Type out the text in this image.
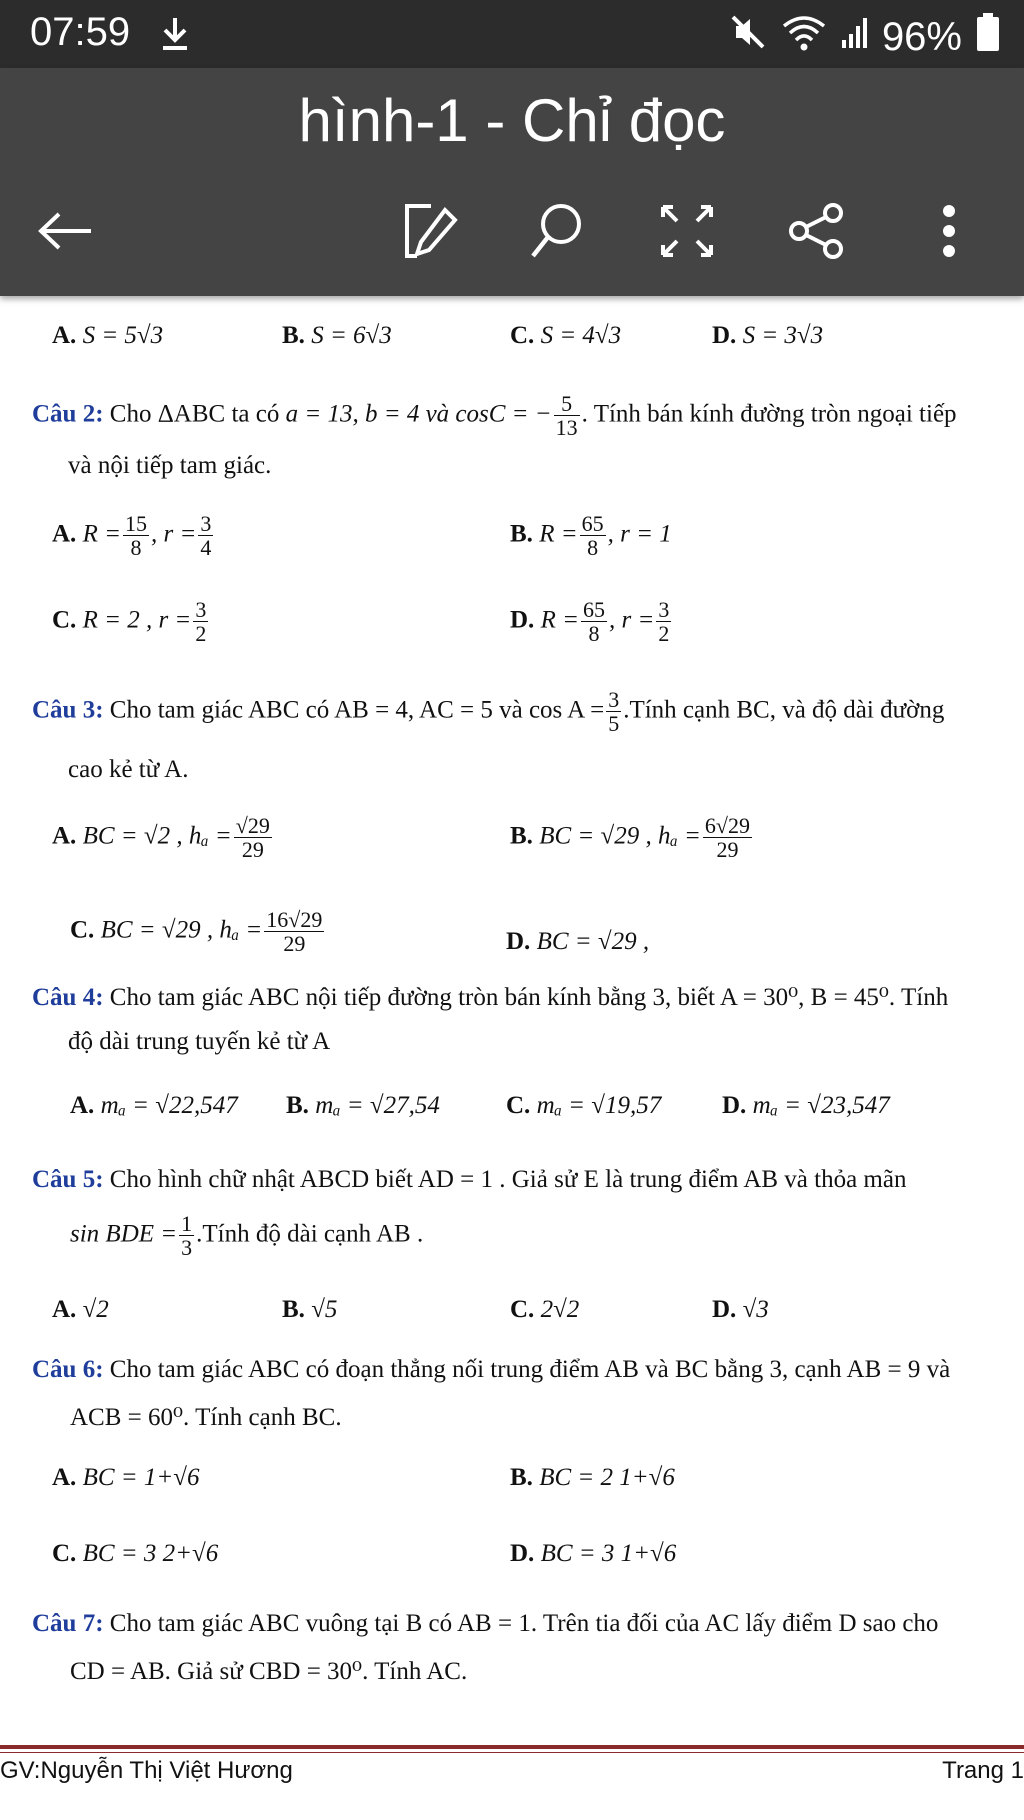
07:59	96%
hình-1 - Chỉ đọc
A. S = 5√3	B. S = 6√3	C. S = 4√3	D. S = 3√3
Câu 2: Cho ΔABC ta có a = 13, b = 4 và cosC = − $\frac{5}{13}$ . Tính bán kính đường tròn ngoại tiếp
và nội tiếp tam giác.
A. $R = \frac{15}{8}$ , $r = \frac{3}{4}$	B. $R = \frac{65}{8}$ , r = 1
C. R = 2 , $r = \frac{3}{2}$	D. $R = \frac{65}{8}$ , $r = \frac{3}{2}$
Câu 3: Cho tam giác ABC có AB = 4, AC = 5 và $\cos A = \frac{3}{5}$ .Tính cạnh BC, và độ dài đường
cao kẻ từ A.
A. BC = √2 , $h_a = \frac{√29}{29}$	B. BC = √29 , $h_a = \frac{6√29}{29}$
C. BC = √29 , $h_a = \frac{16√29}{29}$	D. BC = √29 ,
Câu 4: Cho tam giác ABC nội tiếp đường tròn bán kính bằng 3, biết A = 30⁰, B = 45⁰. Tính
độ dài trung tuyến kẻ từ A
A. mₐ = √22,547 B. mₐ = √27,54	C. mₐ = √19,57 D. mₐ = √23,547
Câu 5: Cho hình chữ nhật ABCD biết AD = 1 . Giả sử E là trung điểm AB và thỏa mãn
sin BDE = $\frac{1}{3}$ .Tính độ dài cạnh AB .
A. √2	B. √5	C. 2√2	D. √3
Câu 6: Cho tam giác ABC có đoạn thẳng nối trung điểm AB và BC bằng 3, cạnh AB = 9 và
ACB = 60⁰. Tính cạnh BC.
A. BC = 1+√6	B. BC = 2 1+√6
C. BC = 3 2+√6	D. BC = 3 1+√6
Câu 7: Cho tam giác ABC vuông tại B có AB = 1. Trên tia đối của AC lấy điểm D sao cho
CD = AB. Giả sử CBD = 30⁰. Tính AC.
GV:Nguyễn Thị Việt Hương	Trang 1
